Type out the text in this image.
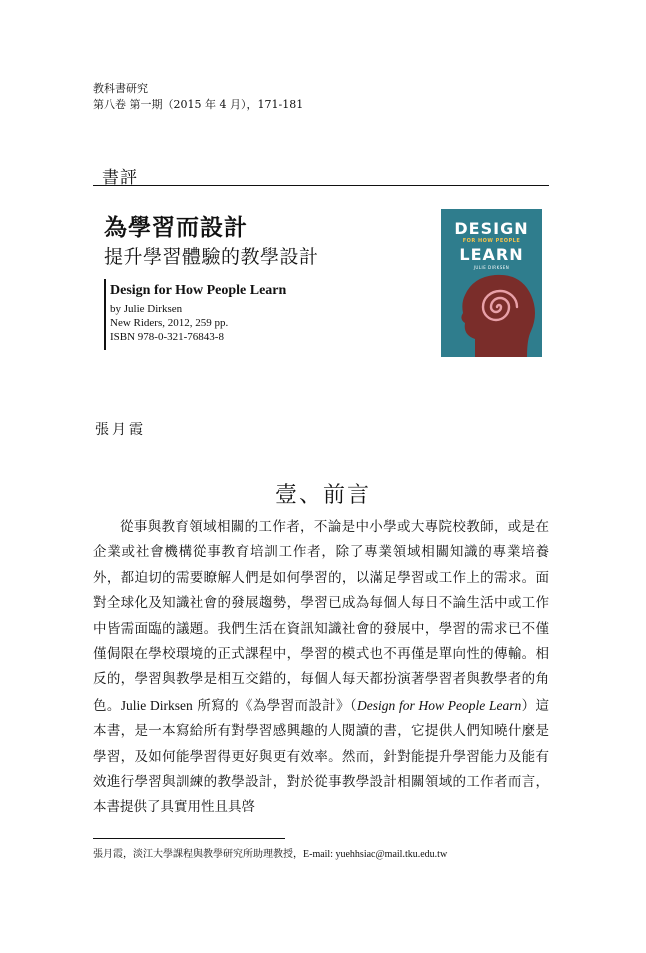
教科書研究
第八卷 第一期（2015 年 4 月），171-181
書評
為學習而設計
提升學習體驗的教學設計
Design for How People Learn
by Julie Dirksen
New Riders, 2012, 259 pp.
ISBN 978-0-321-76843-8
DESIGN
FOR HOW PEOPLE
LEARN
JULIE DIRKSEN
張月霞
壹、前言

從事與教育領域相關的工作者，不論是中小學或大專院校教師，或是在企業或社會機構從事教育培訓工作者，除了專業領域相關知識的專業培養外，都迫切的需要瞭解人們是如何學習的，以滿足學習或工作上的需求。面對全球化及知識社會的發展趨勢，學習已成為每個人每日不論生活中或工作中皆需面臨的議題。我們生活在資訊知識社會的發展中，學習的需求已不僅僅侷限在學校環境的正式課程中，學習的模式也不再僅是單向性的傳輸。相反的，學習與教學是相互交錯的，每個人每天都扮演著學習者與教學者的角色。Julie Dirksen 所寫的《為學習而設計》（Design for How People Learn）這本書，是一本寫給所有對學習感興趣的人閱讀的書，它提供人們知曉什麼是學習，及如何能學習得更好與更有效率。然而，針對能提升學習能力及能有效進行學習與訓練的教學設計，對於從事教學設計相關領域的工作者而言，本書提供了具實用性且具啓

張月霞，淡江大學課程與教學研究所助理教授，E-mail: yuehhsiac@mail.tku.edu.tw
